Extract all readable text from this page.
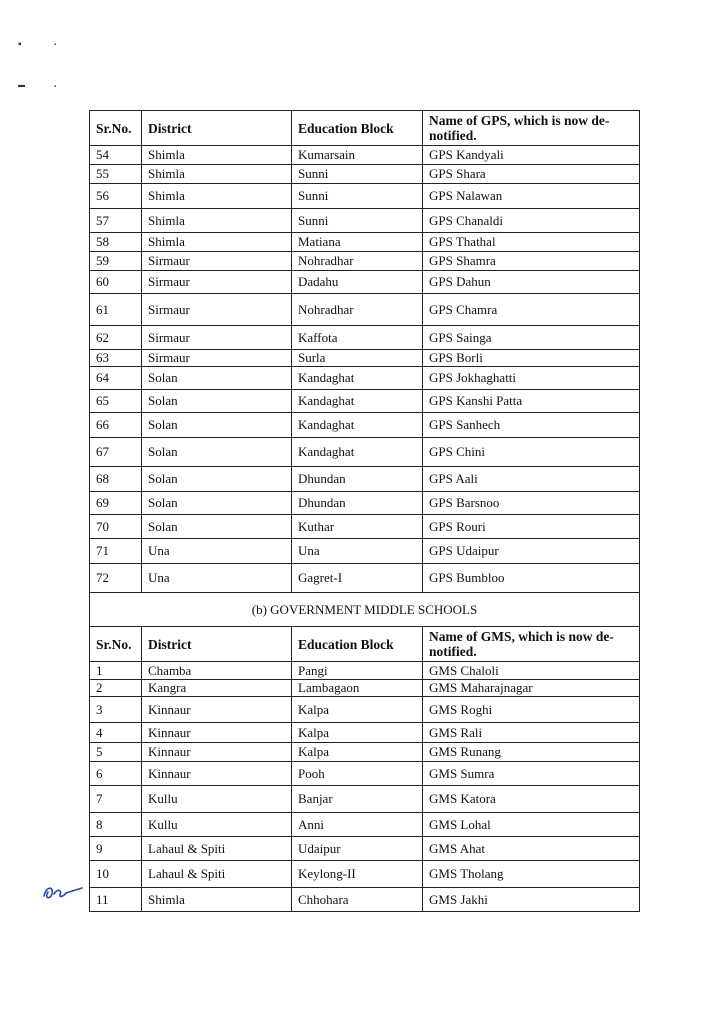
▪	▪
▬	▪
Sr.No.	District	Education Block	Name of GPS, which is now de-notified.
54	Shimla	Kumarsain	GPS Kandyali
55	Shimla	Sunni	GPS Shara
56	Shimla	Sunni	GPS Nalawan
57	Shimla	Sunni	GPS Chanaldi
58	Shimla	Matiana	GPS Thathal
59	Sirmaur	Nohradhar	GPS Shamra
60	Sirmaur	Dadahu	GPS Dahun
61	Sirmaur	Nohradhar	GPS Chamra
62	Sirmaur	Kaffota	GPS Sainga
63	Sirmaur	Surla	GPS Borli
64	Solan	Kandaghat	GPS Jokhaghatti
65	Solan	Kandaghat	GPS Kanshi Patta
66	Solan	Kandaghat	GPS Sanhech
67	Solan	Kandaghat	GPS Chini
68	Solan	Dhundan	GPS Aali
69	Solan	Dhundan	GPS Barsnoo
70	Solan	Kuthar	GPS Rouri
71	Una	Una	GPS Udaipur
72	Una	Gagret-I	GPS Bumbloo
(b) GOVERNMENT MIDDLE SCHOOLS			
Sr.No.	District	Education Block	Name of GMS, which is now de-notified.
1	Chamba	Pangi	GMS Chaloli
2	Kangra	Lambagaon	GMS Maharajnagar
3	Kinnaur	Kalpa	GMS Roghi
4	Kinnaur	Kalpa	GMS Rali
5	Kinnaur	Kalpa	GMS Runang
6	Kinnaur	Pooh	GMS Sumra
7	Kullu	Banjar	GMS Katora
8	Kullu	Anni	GMS Lohal
9	Lahaul & Spiti	Udaipur	GMS Ahat
10	Lahaul & Spiti	Keylong-II	GMS Tholang
11	Shimla	Chhohara	GMS Jakhi
